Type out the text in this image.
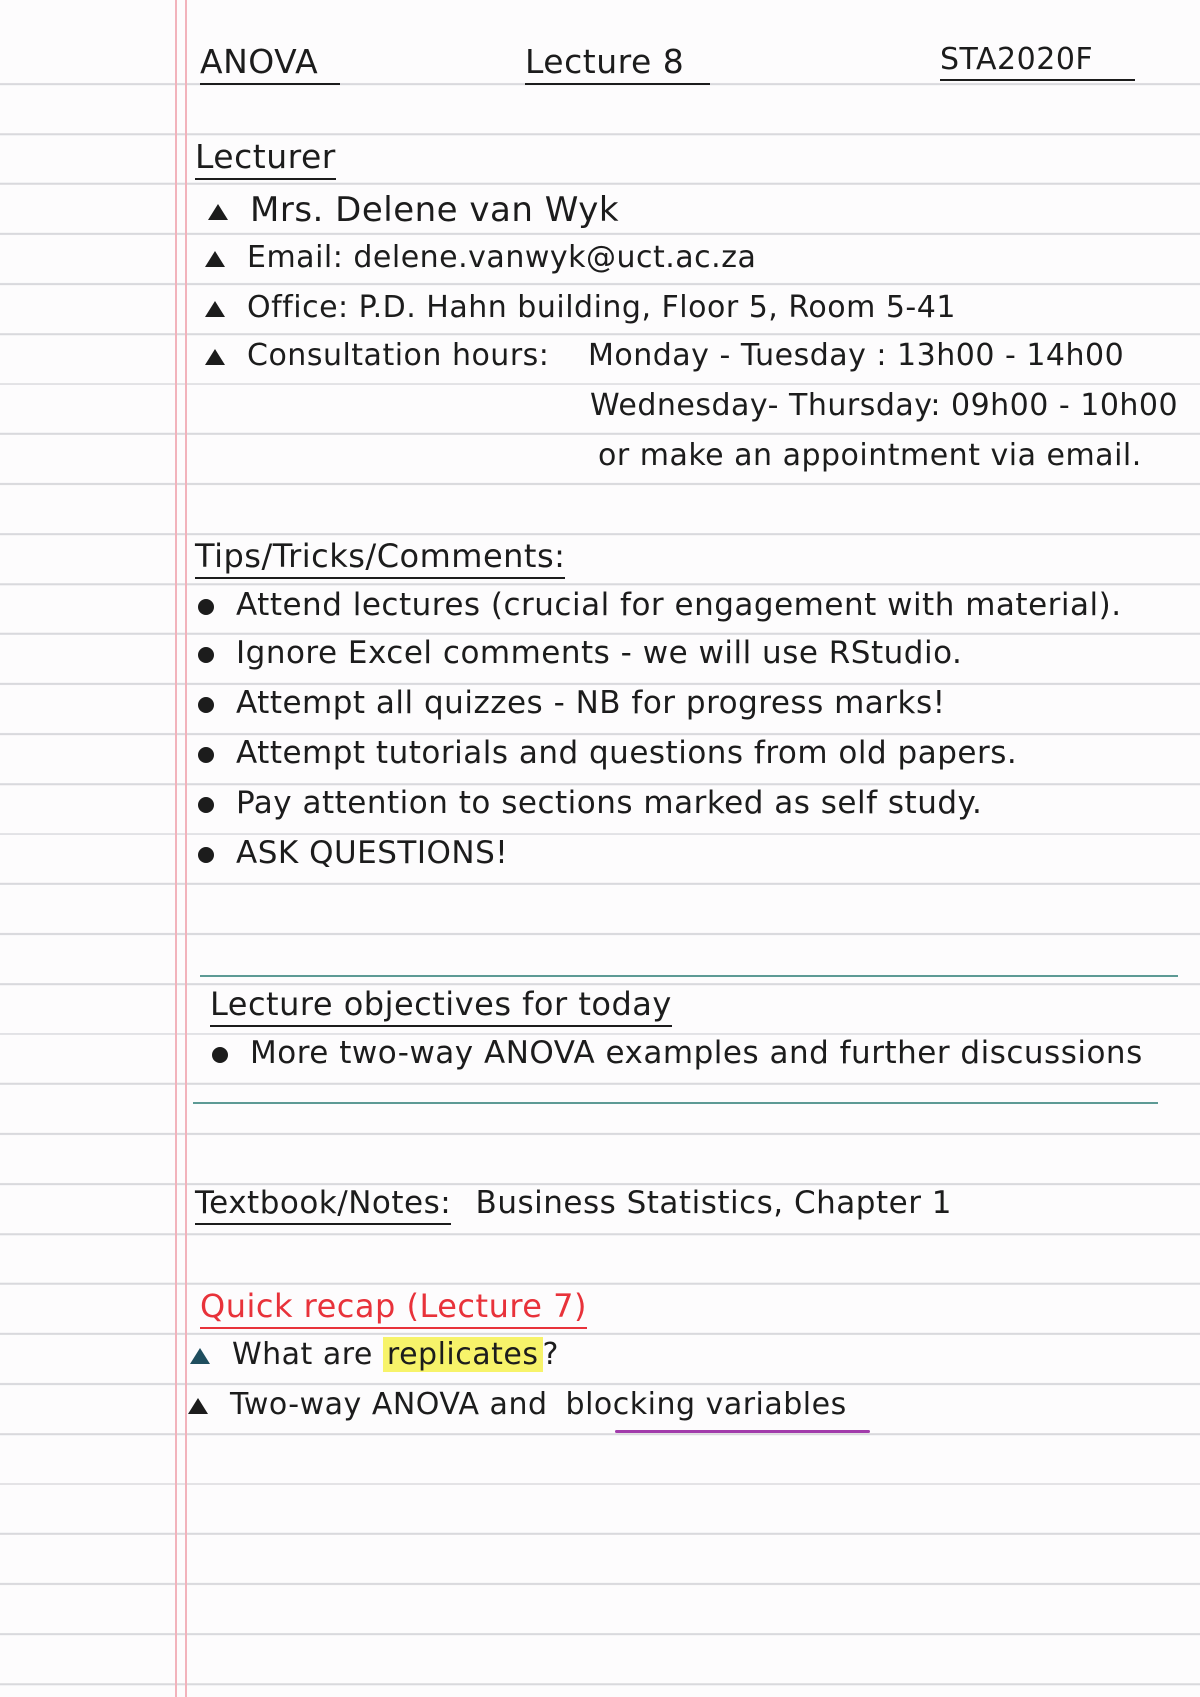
ANOVA	Lecture 8	STA2020F
Lecturer
Mrs. Delene van Wyk
Email: delene.vanwyk@uct.ac.za
Office: P.D. Hahn building, Floor 5, Room 5-41
Consultation hours: Monday - Tuesday : 13h00 - 14h00
Wednesday- Thursday: 09h00 - 10h00
or make an appointment via email.
Tips/Tricks/Comments:
Attend lectures (crucial for engagement with material).
Ignore Excel comments - we will use RStudio.
Attempt all quizzes - NB for progress marks!
Attempt tutorials and questions from old papers.
Pay attention to sections marked as self study.
ASK QUESTIONS!
Lecture objectives for today
More two-way ANOVA examples and further discussions
Textbook/Notes: Business Statistics, Chapter 1
Quick recap (Lecture 7)
What are replicates ?
Two-way ANOVA and blocking variables
